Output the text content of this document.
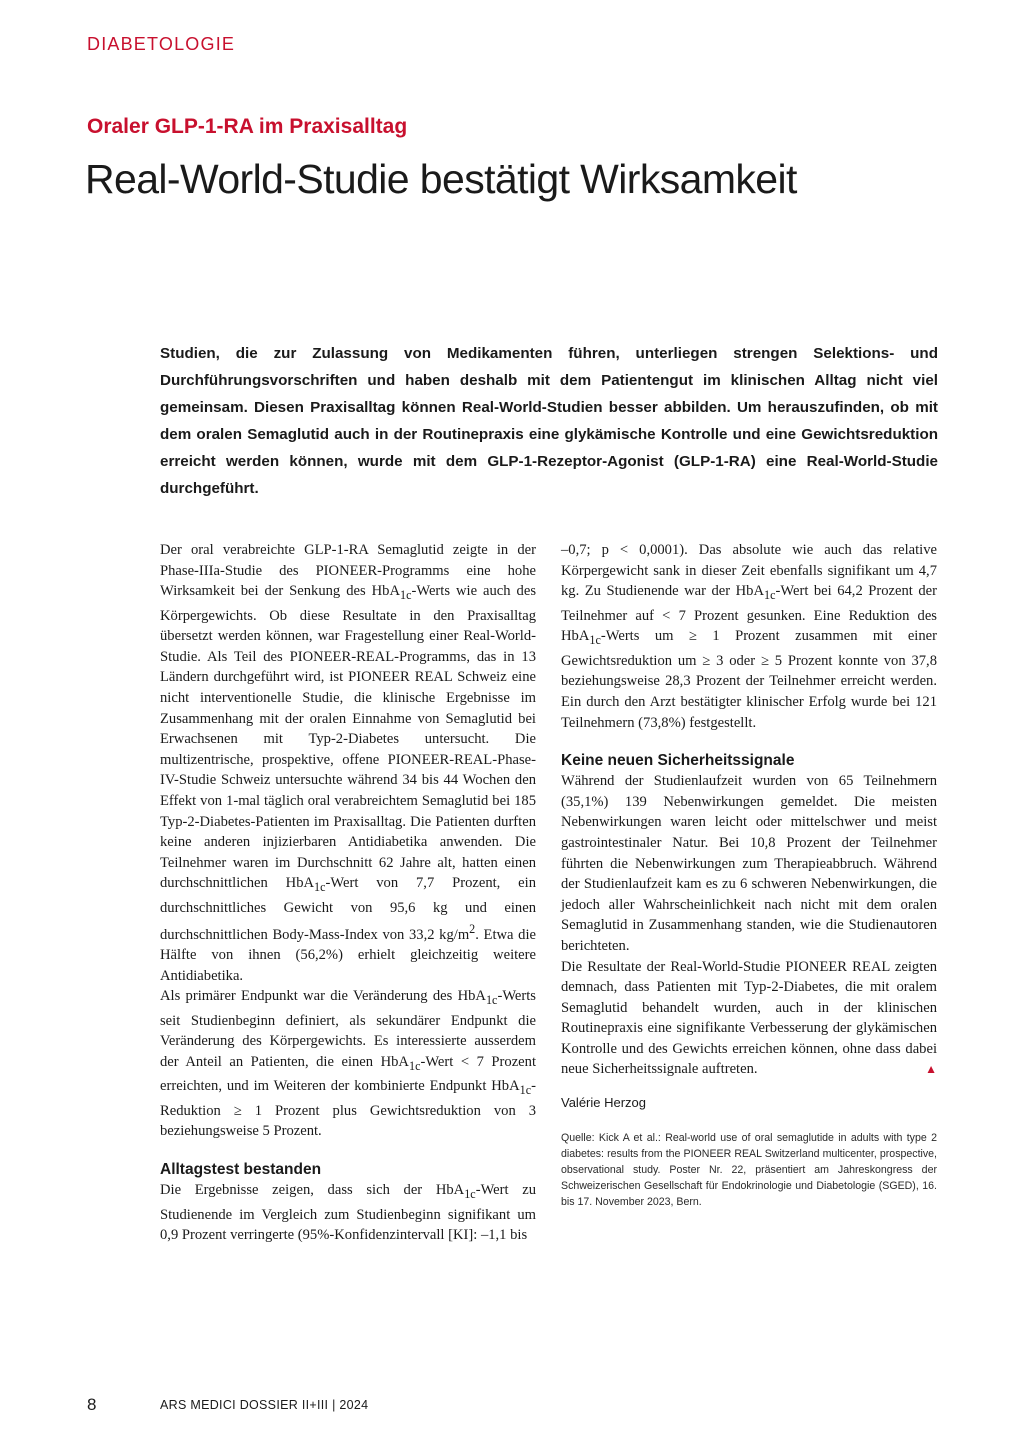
DIABETOLOGIE
Oraler GLP-1-RA im Praxisalltag
Real-World-Studie bestätigt Wirksamkeit

Studien, die zur Zulassung von Medikamenten führen, unterliegen strengen Selektions- und Durchführungsvorschriften und haben deshalb mit dem Patientengut im klinischen Alltag nicht viel gemeinsam. Diesen Praxisalltag können Real-World-Studien besser abbilden. Um herauszufinden, ob mit dem oralen Semaglutid auch in der Routinepraxis eine glykämische Kontrolle und eine Gewichtsreduktion erreicht werden können, wurde mit dem GLP-1-Rezeptor-Agonist (GLP-1-RA) eine Real-World-Studie durchgeführt.

Der oral verabreichte GLP-1-RA Semaglutid zeigte in der Phase-IIIa-Studie des PIONEER-Programms eine hohe Wirksamkeit bei der Senkung des HbA$_{1c}$-Werts wie auch des Körpergewichts. Ob diese Resultate in den Praxisalltag übersetzt werden können, war Fragestellung einer Real-World-Studie. Als Teil des PIONEER-REAL-Programms, das in 13 Ländern durchgeführt wird, ist PIONEER REAL Schweiz eine nicht interventionelle Studie, die klinische Ergebnisse im Zusammenhang mit der oralen Einnahme von Semaglutid bei Erwachsenen mit Typ-2-Diabetes untersucht. Die multizentrische, prospektive, offene PIONEER-REAL-Phase-IV-Studie Schweiz untersuchte während 34 bis 44 Wochen den Effekt von 1-mal täglich oral verabreichtem Semaglutid bei 185 Typ-2-Diabetes-Patienten im Praxisalltag. Die Patienten durften keine anderen injizierbaren Antidiabetika anwenden. Die Teilnehmer waren im Durchschnitt 62 Jahre alt, hatten einen durchschnittlichen HbA$_{1c}$-Wert von 7,7 Prozent, ein durchschnittliches Gewicht von 95,6 kg und einen durchschnittlichen Body-Mass-Index von 33,2 $kg/m^2$. Etwa die Hälfte von ihnen (56,2%) erhielt gleichzeitig weitere Antidiabetika.

Als primärer Endpunkt war die Veränderung des HbA$_{1c}$-Werts seit Studienbeginn definiert, als sekundärer Endpunkt die Veränderung des Körpergewichts. Es interessierte ausserdem der Anteil an Patienten, die einen HbA$_{1c}$-Wert < 7 Prozent erreichten, und im Weiteren der kombinierte Endpunkt HbA$_{1c}$-Reduktion ≥ 1 Prozent plus Gewichtsreduktion von 3 beziehungsweise 5 Prozent.

Alltagstest bestanden

Die Ergebnisse zeigen, dass sich der HbA$_{1c}$-Wert zu Studienende im Vergleich zum Studienbeginn signifikant um 0,9 Prozent verringerte (95%-Konfidenzintervall [KI]: –1,1 bis

–0,7; p < 0,0001). Das absolute wie auch das relative Körpergewicht sank in dieser Zeit ebenfalls signifikant um 4,7 kg. Zu Studienende war der HbA$_{1c}$-Wert bei 64,2 Prozent der Teilnehmer auf < 7 Prozent gesunken. Eine Reduktion des HbA$_{1c}$-Werts um ≥ 1 Prozent zusammen mit einer Gewichtsreduktion um ≥ 3 oder ≥ 5 Prozent konnte von 37,8 beziehungsweise 28,3 Prozent der Teilnehmer erreicht werden. Ein durch den Arzt bestätigter klinischer Erfolg wurde bei 121 Teilnehmern (73,8%) festgestellt.

Keine neuen Sicherheitssignale

Während der Studienlaufzeit wurden von 65 Teilnehmern (35,1%) 139 Nebenwirkungen gemeldet. Die meisten Nebenwirkungen waren leicht oder mittelschwer und meist gastrointestinaler Natur. Bei 10,8 Prozent der Teilnehmer führten die Nebenwirkungen zum Therapieabbruch. Während der Studienlaufzeit kam es zu 6 schweren Nebenwirkungen, die jedoch aller Wahrscheinlichkeit nach nicht mit dem oralen Semaglutid in Zusammenhang standen, wie die Studienautoren berichteten.

Die Resultate der Real-World-Studie PIONEER REAL zeigten demnach, dass Patienten mit Typ-2-Diabetes, die mit oralem Semaglutid behandelt wurden, auch in der klinischen Routinepraxis eine signifikante Verbesserung der glykämischen Kontrolle und des Gewichts erreichen können, ohne dass dabei neue Sicherheitssignale auftreten.	▲

Valérie Herzog

Quelle: Kick A et al.: Real-world use of oral semaglutide in adults with type 2 diabetes: results from the PIONEER REAL Switzerland multicenter, prospective, observational study. Poster Nr. 22, präsentiert am Jahreskongress der Schweizerischen Gesellschaft für Endokrinologie und Diabetologie (SGED), 16. bis 17. November 2023, Bern.

8	ARS MEDICI DOSSIER II+III | 2024
